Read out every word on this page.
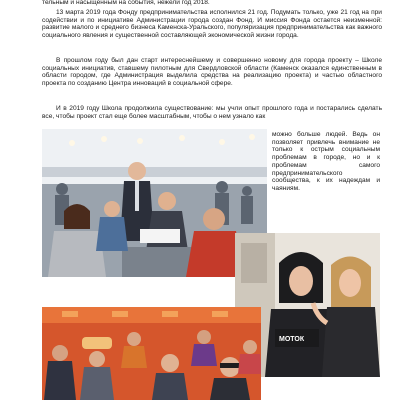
тельным и насыщенным на события, нежели год 2018.

13 марта 2019 года Фонду предпринимательства исполнился 21 год. Подумать только, уже 21 год на при содействии и по инициативе Администрации города создан Фонд. И миссия Фонда остается неизменной: развитие малого и среднего бизнеса Каменска-Уральского, популяризация предпринимательства как важного социального явления и существенной составляющей экономической жизни города.

В прошлом году был дан старт интереснейшему и совершенно новому для города проекту – Школе социальных инициатив, ставшему пилотным для Свердловской области (Каменск оказался единственным в области городом, где Администрация выделила средства на реализацию проекта) и частью областного проекта по созданию Центра инноваций в социальной сфере.

И в 2019 году Школа продолжила существование: мы учли опыт прошлого года и постарались сделать все, чтобы проект стал еще более масштабным, чтобы о нем узнало как

можно больше людей. Ведь он позволяет привлечь внимание не только к острым социальным проблемам в городе, но и к проблемам самого предпринимательского сообщества, к их надеждам и чаяниям.

МОТОК
